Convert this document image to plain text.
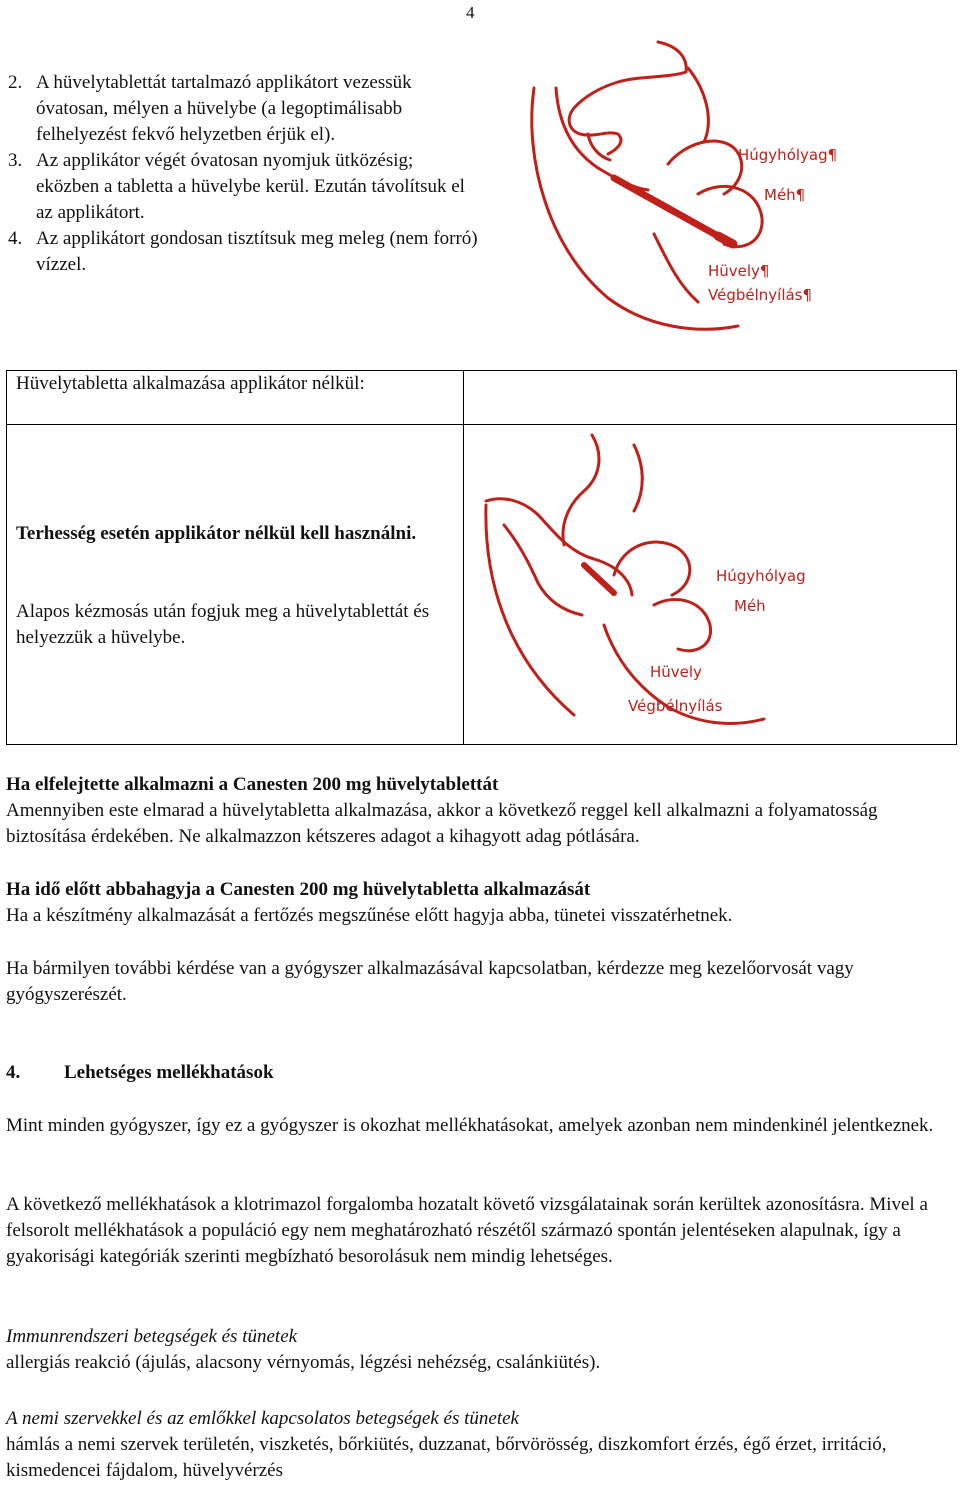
4
2. A hüvelytablettát tartalmazó applikátort vezessük óvatosan, mélyen a hüvelybe (a legoptimálisabb felhelyezést fekvő helyzetben érjük el).
3. Az applikátor végét óvatosan nyomjuk ütközésig; eközben a tabletta a hüvelybe kerül. Ezután távolítsuk el az applikátort.
4. Az applikátort gondosan tisztítsuk meg meleg (nem forró) vízzel.
Húgyhólyag¶
Méh¶
Hüvely¶
Végbélnyílás¶
Hüvelytabletta alkalmazása applikátor nélkül:
Terhesség esetén applikátor nélkül kell használni.
Alapos kézmosás után fogjuk meg a hüvelytablettát és helyezzük a hüvelybe.
Húgyhólyag
Méh
Hüvely
Végbélnyílás
Ha elfelejtette alkalmazni a Canesten 200 mg hüvelytablettát
Amennyiben este elmarad a hüvelytabletta alkalmazása, akkor a következő reggel kell alkalmazni a folyamatosság biztosítása érdekében. Ne alkalmazzon kétszeres adagot a kihagyott adag pótlására.
Ha idő előtt abbahagyja a Canesten 200 mg hüvelytabletta alkalmazását
Ha a készítmény alkalmazását a fertőzés megszűnése előtt hagyja abba, tünetei visszatérhetnek.
Ha bármilyen további kérdése van a gyógyszer alkalmazásával kapcsolatban, kérdezze meg kezelőorvosát vagy gyógyszerészét.
4. Lehetséges mellékhatások
Mint minden gyógyszer, így ez a gyógyszer is okozhat mellékhatásokat, amelyek azonban nem mindenkinél jelentkeznek.
A következő mellékhatások a klotrimazol forgalomba hozatalt követő vizsgálatainak során kerültek azonosításra. Mivel a felsorolt mellékhatások a populáció egy nem meghatározható részétől származó spontán jelentéseken alapulnak, így a gyakorisági kategóriák szerinti megbízható besorolásuk nem mindig lehetséges.
Immunrendszeri betegségek és tünetek
allergiás reakció (ájulás, alacsony vérnyomás, légzési nehézség, csalánkiütés).
A nemi szervekkel és az emlőkkel kapcsolatos betegségek és tünetek
hámlás a nemi szervek területén, viszketés, bőrkiütés, duzzanat, bőrvörösség, diszkomfort érzés, égő érzet, irritáció, kismedencei fájdalom, hüvelyvérzés
